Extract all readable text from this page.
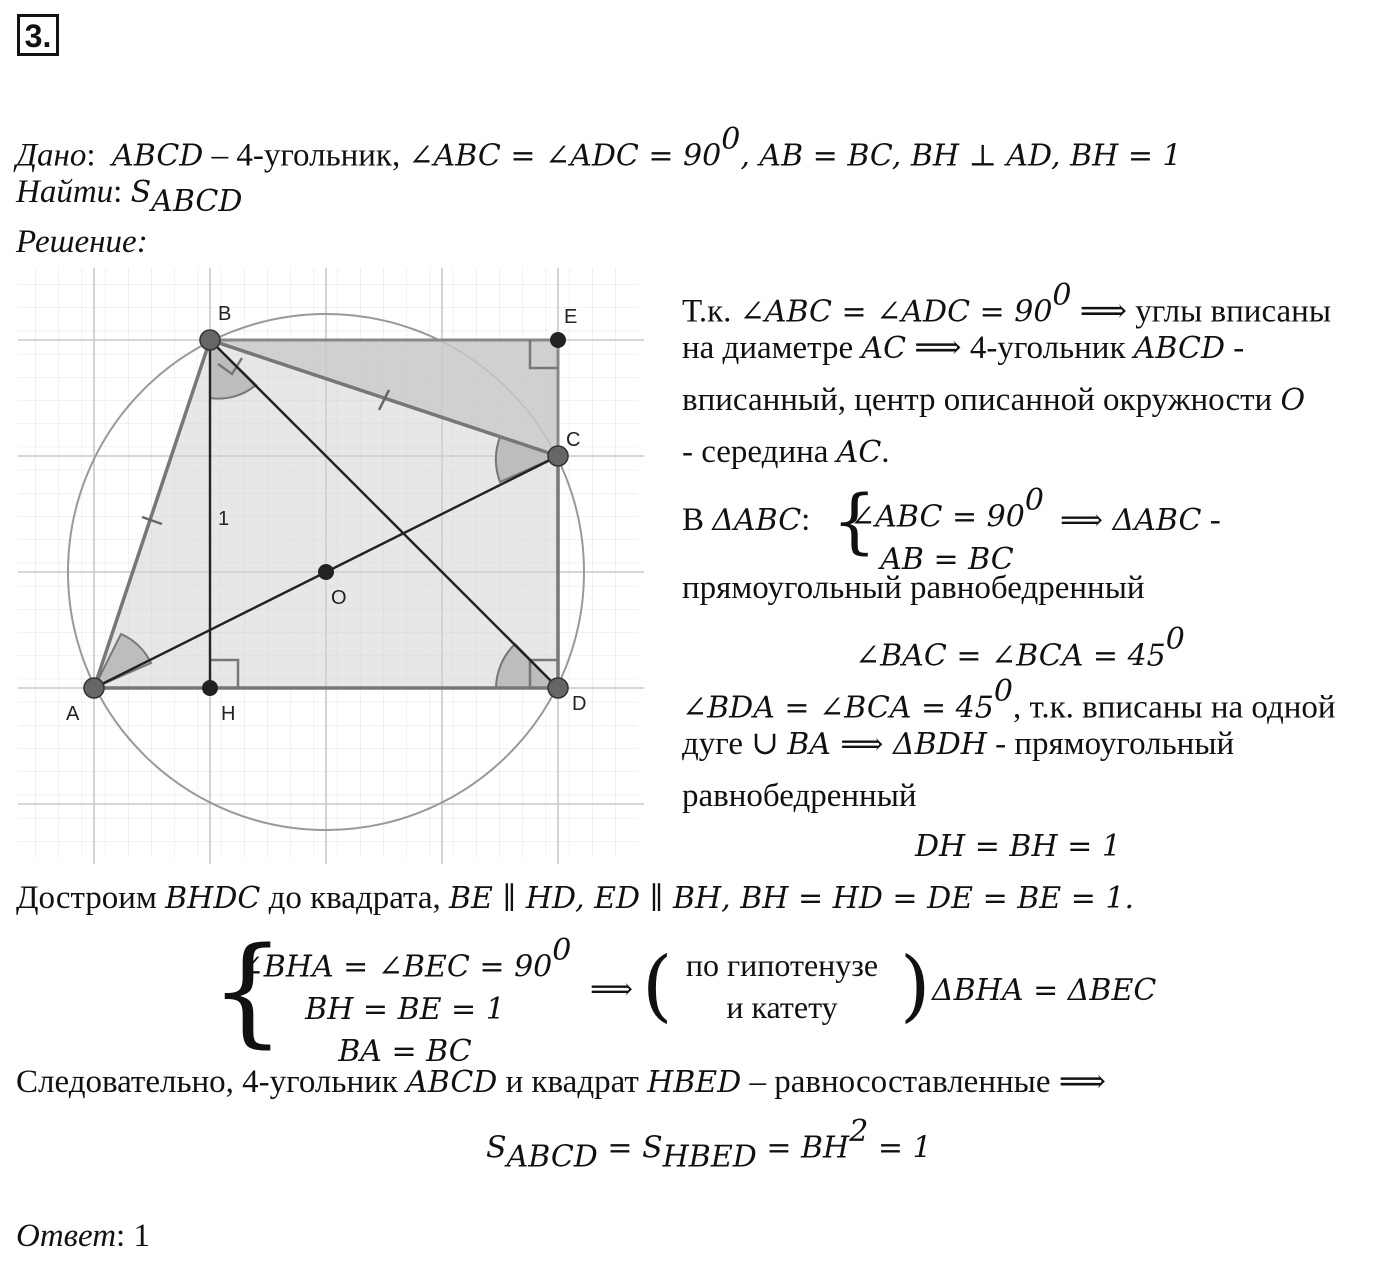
3.
Дано:  ABCD – 4-угольник, ∠ABC = ∠ADC = $90^0$, AB = BC, BH ⊥ AD, BH = 1
Найти: $S_{ABCD}$
Решение:
A
B
C
D
E
H
O
1
Т.к. ∠ABC = ∠ADC = $90^0$ ⟹ углы вписаны
на диаметре AC ⟹ 4-угольник ABCD -
вписанный, центр описанной окружности O
- середина AC.
В ΔABC: {
∠ABC = $90^0$
AB = BC
⟹ ΔABC -
прямоугольный равнобедренный
∠BAC = ∠BCA = $45^0$
∠BDA = ∠BCA = $45^0$, т.к. вписаны на одной
дуге ∪ BA ⟹ ΔBDH - прямоугольный
равнобедренный
DH = BH = 1
Достроим BHDC до квадрата, BE ∥ HD, ED ∥ BH, BH = HD = DE = BE = 1.
{
∠BHA = ∠BEC = $90^0$
BH = BE = 1
BA = BC
⟹ ( по гипотенузе
и катету ) ΔBHA = ΔBEC
Следовательно, 4-угольник ABCD и квадрат HBED – равносоставленные ⟹
$S_{ABCD} = S_{HBED} = BH^2 = 1$
Ответ: 1
